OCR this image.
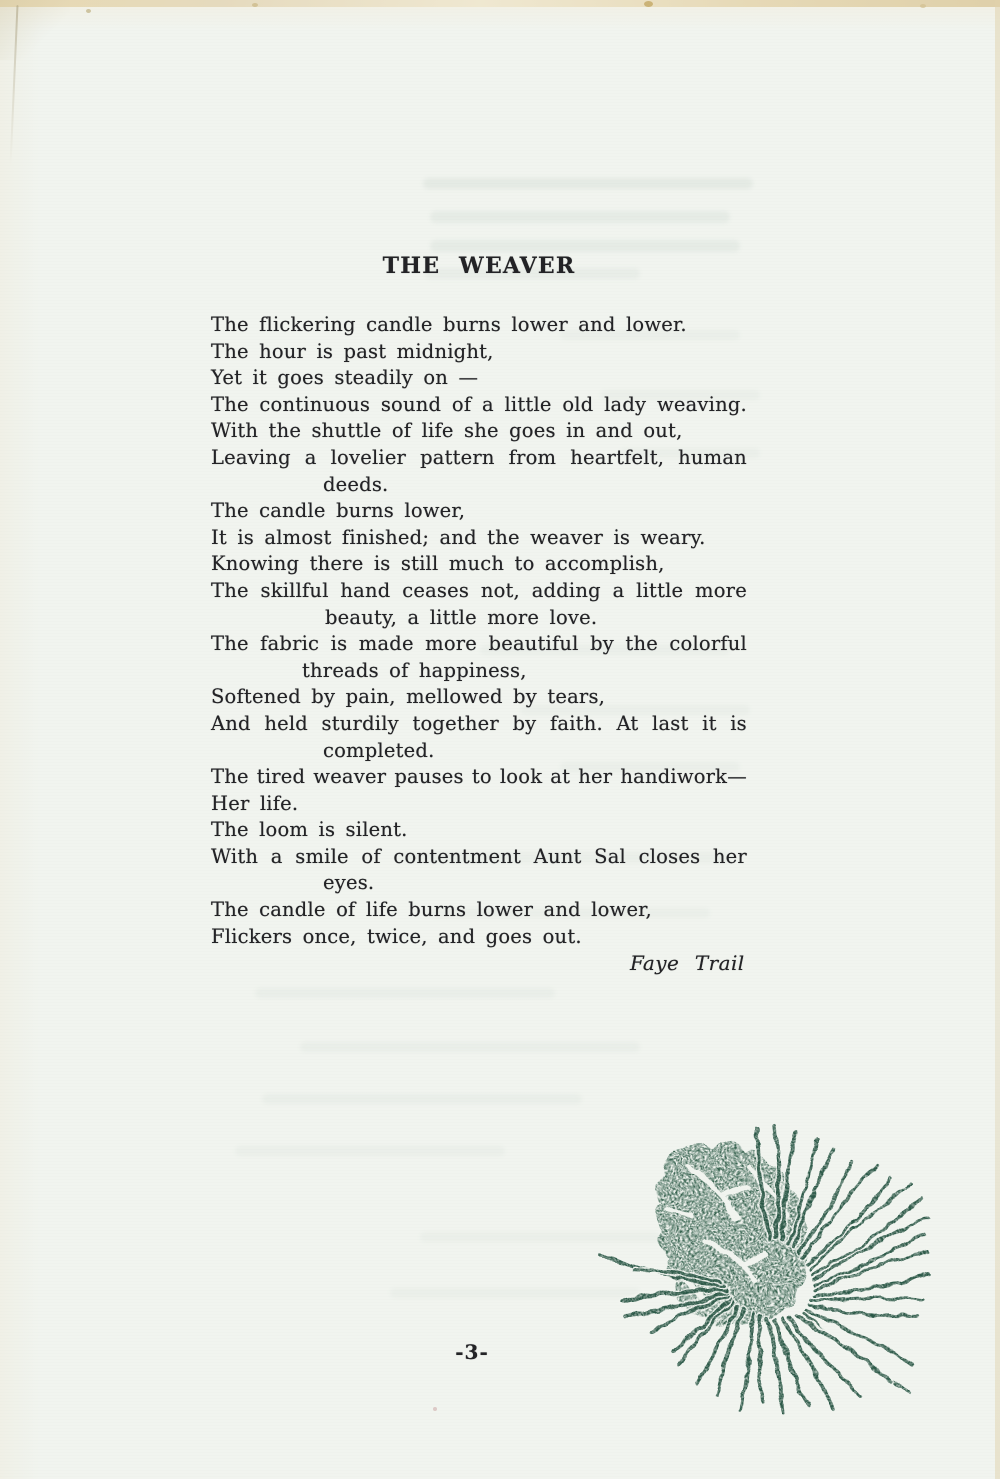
THE WEAVER
The flickering candle burns lower and lower.
The hour is past midnight,
Yet it goes steadily on —
The continuous sound of a little old lady weaving.
With the shuttle of life she goes in and out,
Leaving a lovelier pattern from heartfelt, human
deeds.
The candle burns lower,
It is almost finished; and the weaver is weary.
Knowing there is still much to accomplish,
The skillful hand ceases not, adding a little more
beauty, a little more love.
The fabric is made more beautiful by the colorful
threads of happiness,
Softened by pain, mellowed by tears,
And held sturdily together by faith. At last it is
completed.
The tired weaver pauses to look at her handiwork—
Her life.
The loom is silent.
With a smile of contentment Aunt Sal closes her
eyes.
The candle of life burns lower and lower,
Flickers once, twice, and goes out.
Faye Trail
-3-
